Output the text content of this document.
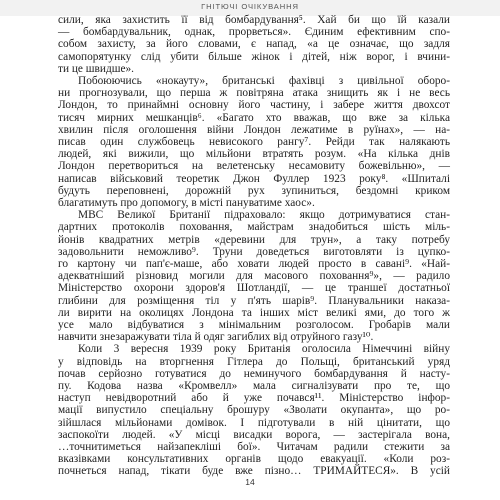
ГНІТЮЧІ ОЧІКУВАННЯ
сили, яка захистить її від бомбардування⁵. Хай би що їй казали
— бомбардувальник, однак, прорветься». Єдиним ефективним спо-
собом захисту, за його словами, є напад, «а це означає, що задля
самопорятунку слід убити більше жінок і дітей, ніж ворог, і вчини-
ти це швидше».
Побоюючись «нокауту», британські фахівці з цивільної оборо-
ни прогнозували, що перша ж повітряна атака знищить як і не весь
Лондон, то принаймні основну його частину, і забере життя двохсот
тисяч мирних мешканців⁶. «Багато хто вважав, що вже за кілька
хвилин після оголошення війни Лондон лежатиме в руїнах», — на-
писав один службовець невисокого рангу⁷. Рейди так налякають
людей, які вижили, що мільйони втратять розум. «На кілька днів
Лондон перетвориться на велетенську несамовиту божевільню», —
написав військовий теоретик Джон Фуллер 1923 року⁸. «Шпиталі
будуть переповнені, дорожній рух зупиниться, бездомні криком
благатимуть про допомогу, в місті пануватиме хаос».
МВС Великої Британії підраховало: якщо дотримуватися стан-
дартних протоколів поховання, майстрам знадобиться шість міль-
йонів квадратних метрів «деревини для трун», а таку потребу
задовольнити неможливо⁹. Труни доведеться виготовляти із цупко-
го картону чи пап'є-маше, або ховати людей просто в савані⁹. «Най-
адекватніший різновид могили для масового поховання⁹», — радило
Міністерство охорони здоров'я Шотландії, — це траншеї достатньої
глибини для розміщення тіл у п'ять шарів⁹. Планувальники наказа-
ли вирити на околицях Лондона та інших міст великі ями, до того ж
усе мало відбуватися з мінімальним розголосом. Гробарів мали
навчити знезаражувати тіла й одяг загиблих від отруйного газу¹⁰.
Коли 3 вересня 1939 року Британія оголосила Німеччині війну
у відповідь на вторгнення Гітлера до Польщі, британський уряд
почав серйозно готуватися до неминучого бомбардування й насту-
пу. Кодова назва «Кромвелл» мала сигналізувати про те, що
наступ невідворотний або й уже почався¹¹. Міністерство інфор-
мації випустило спеціальну брошуру «Зволати окупанта», що ро-
зійшлася мільйонами домівок. І підготували в ній цінитати, що
заспокоїти людей. «У місці висадки ворога, — застерігала вона,
…точнитиметься найзапекліші бої». Читачам радили стежити за
вказівками консультативних органів щодо евакуації. «Коли роз-
почнеться напад, тікати буде вже пізно… ТРИМАЙТЕСЯ». В усій
14
